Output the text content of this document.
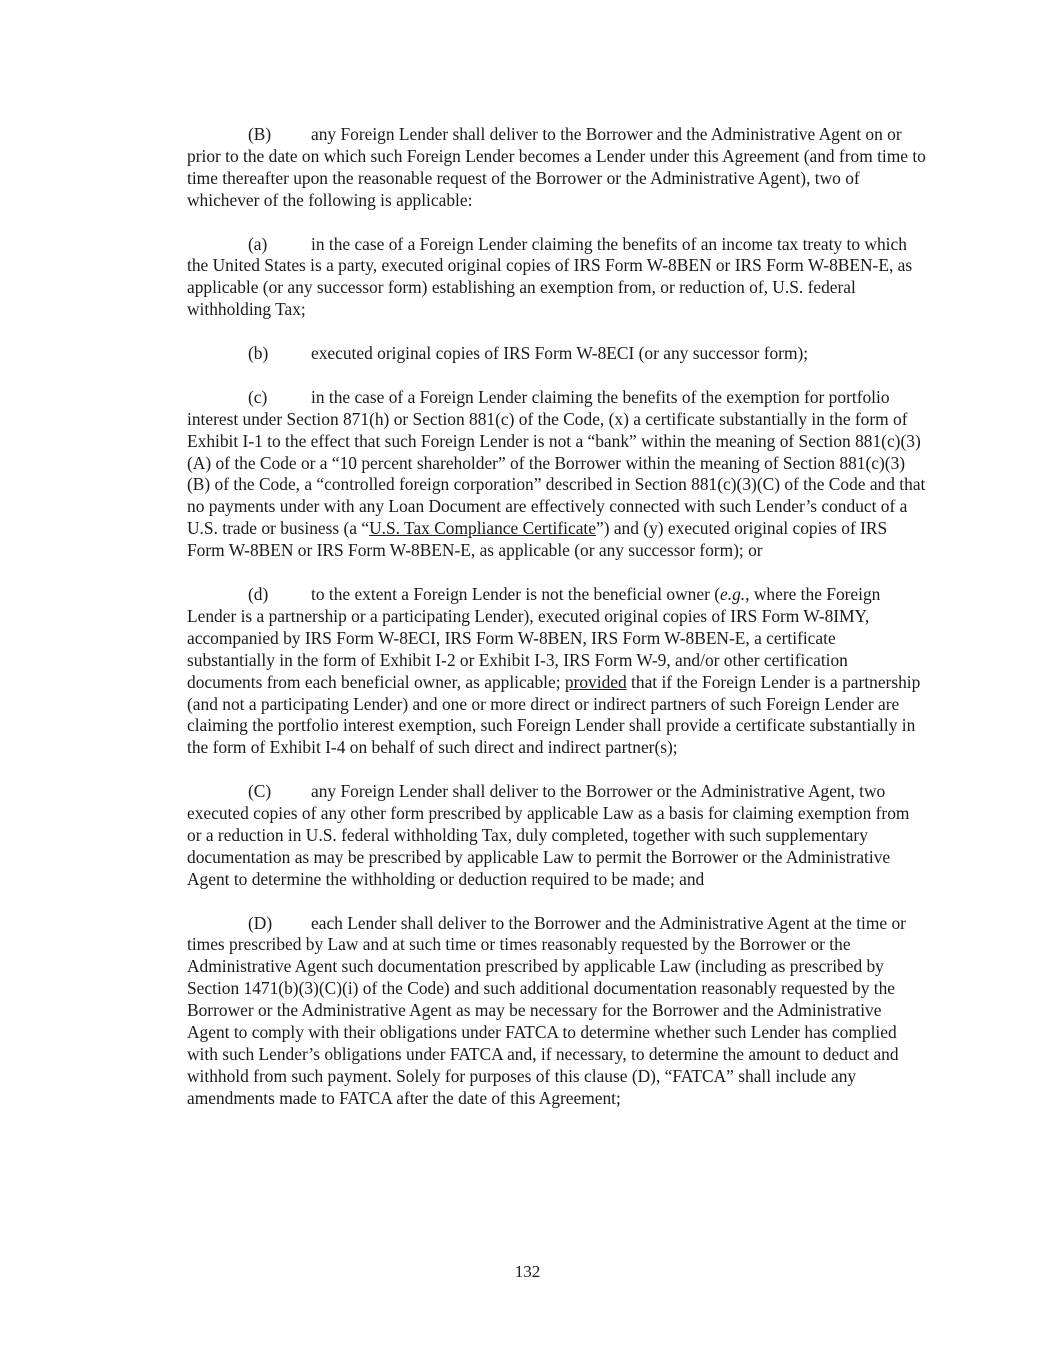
(B) any Foreign Lender shall deliver to the Borrower and the Administrative Agent on or prior to the date on which such Foreign Lender becomes a Lender under this Agreement (and from time to time thereafter upon the reasonable request of the Borrower or the Administrative Agent), two of whichever of the following is applicable:

(a)	in the case of a Foreign Lender claiming the benefits of an income tax treaty to which the United States is a party, executed original copies of IRS Form W-8BEN or IRS Form W-8BEN-E, as applicable (or any successor form) establishing an exemption from, or reduction of, U.S. federal withholding Tax;

(b) executed original copies of IRS Form W-8ECI (or any successor form);

(c)	in the case of a Foreign Lender claiming the benefits of the exemption for portfolio interest under Section 871(h) or Section 881(c) of the Code, (x) a certificate substantially in the form of Exhibit I-1 to the effect that such Foreign Lender is not a “bank” within the meaning of Section 881(c)(3)(A) of the Code or a “10 percent shareholder” of the Borrower within the meaning of Section 881(c)(3)(B) of the Code, a “controlled foreign corporation” described in Section 881(c)(3)(C) of the Code and that no payments under with any Loan Document are effectively connected with such Lender’s conduct of a U.S. trade or business (a “U.S. Tax Compliance Certificate”) and (y) executed original copies of IRS Form W-8BEN or IRS Form W-8BEN-E, as applicable (or any successor form); or

(d) to the extent a Foreign Lender is not the beneficial owner (e.g., where the Foreign Lender is a partnership or a participating Lender), executed original copies of IRS Form W-8IMY, accompanied by IRS Form W-8ECI, IRS Form W-8BEN, IRS Form W-8BEN-E, a certificate substantially in the form of Exhibit I-2 or Exhibit I-3, IRS Form W-9, and/or other certification documents from each beneficial owner, as applicable; provided that if the Foreign Lender is a partnership (and not a participating Lender) and one or more direct or indirect partners of such Foreign Lender are claiming the portfolio interest exemption, such Foreign Lender shall provide a certificate substantially in the form of Exhibit I-4 on behalf of such direct and indirect partner(s);

(C) any Foreign Lender shall deliver to the Borrower or the Administrative Agent, two executed copies of any other form prescribed by applicable Law as a basis for claiming exemption from or a reduction in U.S. federal withholding Tax, duly completed, together with such supplementary documentation as may be prescribed by applicable Law to permit the Borrower or the Administrative Agent to determine the withholding or deduction required to be made; and

(D) each Lender shall deliver to the Borrower and the Administrative Agent at the time or times prescribed by Law and at such time or times reasonably requested by the Borrower or the Administrative Agent such documentation prescribed by applicable Law (including as prescribed by Section 1471(b)(3)(C)(i) of the Code) and such additional documentation reasonably requested by the Borrower or the Administrative Agent as may be necessary for the Borrower and the Administrative Agent to comply with their obligations under FATCA to determine whether such Lender has complied with such Lender’s obligations under FATCA and, if necessary, to determine the amount to deduct and withhold from such payment. Solely for purposes of this clause (D), “FATCA” shall include any amendments made to FATCA after the date of this Agreement;

132
